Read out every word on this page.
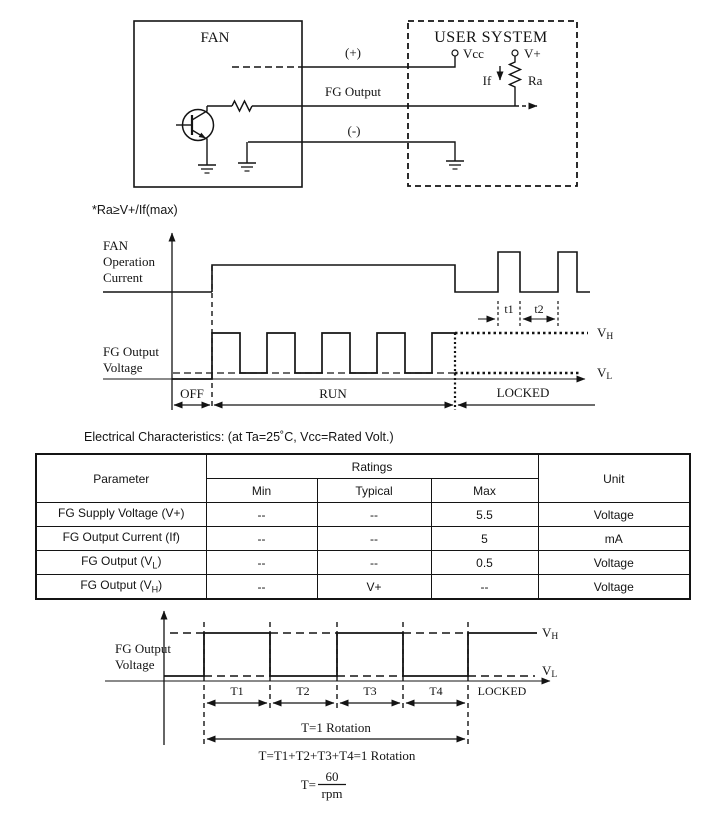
FAN	USER SYSTEM
(+)	Vcc	V+
FG Output
(-)
If	Ra
FAN
Operation
Current
t1 t2
FG Output
Voltage
VH
VL
OFF	RUN	LOCKED
FG Output
Voltage
VH
VL
T1	T2	T3	T4	LOCKED
T=1 Rotation
T=T1+T2+T3+T4=1 Rotation
T=
60
rpm
*Ra≥V+/If(max)
Electrical Characteristics: (at Ta=25˚C, Vcc=Rated Volt.)
Parameter	Ratings			Unit
	Min	Typical	Max	
FG Supply Voltage (V+)	--	--	5.5	Voltage
FG Output Current (If)	--	--	5	mA
FG Output $(V_L)$	--	--	0.5	Voltage
FG Output $(V_H)$	--	V+	--	Voltage
